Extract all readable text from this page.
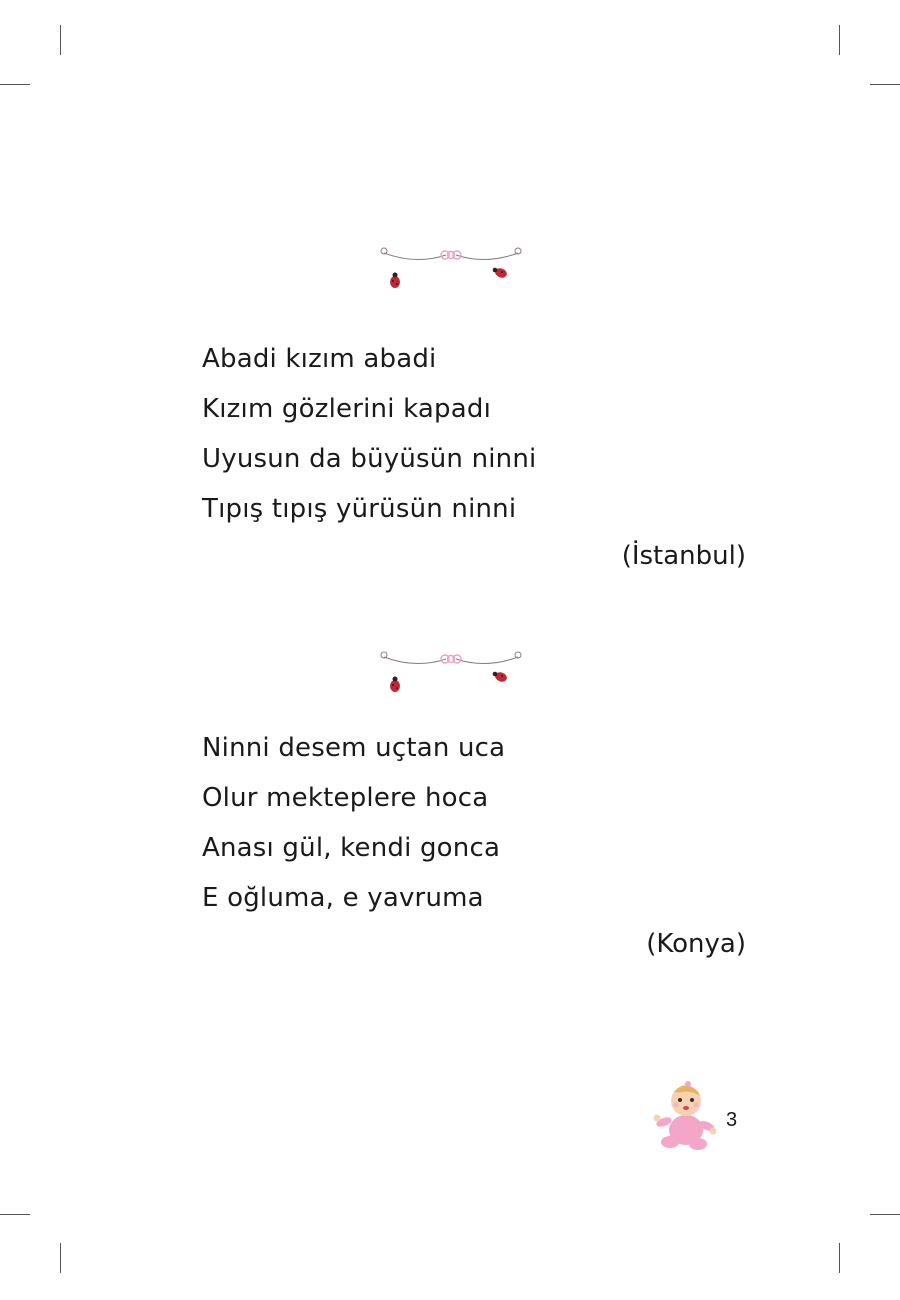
Abadi kızım abadi
Kızım gözlerini kapadı
Uyusun da büyüsün ninni
Tıpış tıpış yürüsün ninni
(İstanbul)
Ninni desem uçtan uca
Olur mekteplere hoca
Anası gül, kendi gonca
E oğluma, e yavruma
(Konya)
3
